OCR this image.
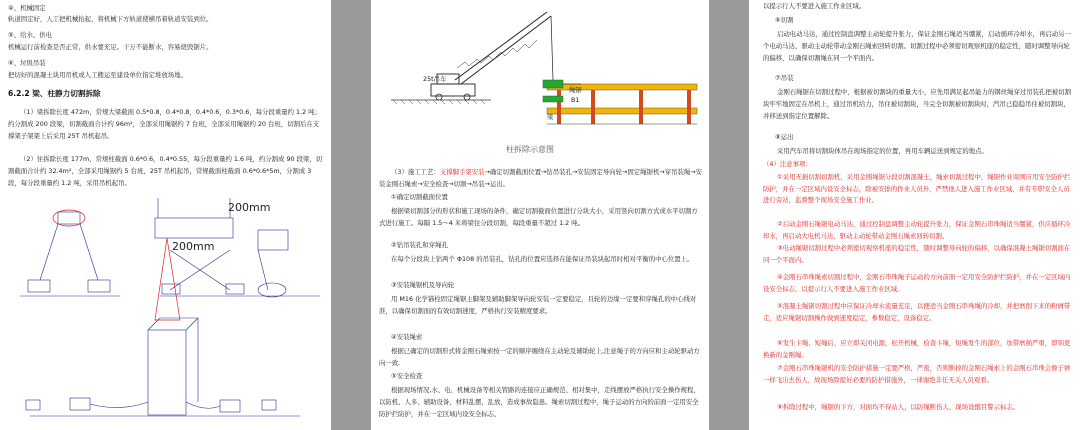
④、机械固定
轨道固定好，人工把机械抬起，将机械下方轨道使横吊着轨道安装到位。
⑤、给水、供电
机械运行前检查是否正常，供水要充足。干万不能断水，容易烧毁锯片。
⑥、垃圾吊装
把切好的混凝土块用吊机或人工搬运至建设单位指定堆放场地。
6.2.2 梁、柱静力切割拆除
（1）梁拆除长度 472m，常规大梁截面 0.5*0.8，0.4*0.8，0.4*0.6，0.3*0.6，每分段重量约 1.2 吨；约分割成 200 段梁，切割截面合计约 96m²，全部采用绳锯约 7 台班，全部采用绳锯约 20 台班，切割后在支撑架子架架上后采用 25T 吊机起吊。
（2）住拆除长度 177m，常规柱截面 0.6*0.6，0.4*0.55，每分段重量约 1.6 吨，约分割成 90 段梁，切割截面合计约 32.4m²，全部采用绳锯约 5 台班，25T 吊机起吊，常规截面柱截面 0.6*0.6*5m，分割成 3 段，每分段重量约 1.2 吨，采用吊机起吊。
200mm
200mm
25t吊车
绳锯
B1
梁
柱拆除示意图
（3）施工工艺：支撑脚手架安装→确定切割截面位置→钻吊装孔→安装固定导向轮→固定绳锯机→穿吊装绳→安装金刚石绳索→安全检查→切割→吊装→运出。
①确定切割截面位置
根据梁切割部分的形状和施工现场的条件，确定切割截面位置进行分块大小，采用竖向切割方式或水平切割方式进行施工。每隔 1.5～4 米将梁往分段切割，每段重量不超过 1.2 吨。
②钻吊装孔和穿绳孔
在每个分段块上钻两个 Φ108 的吊装孔，钻孔的位置应选择在能保证吊装块起吊时相对平衡的中心位置上。
③安装绳锯机及导向轮
用 M16 化学锚栓固定绳锯主脚架及辅助脚架导向轮安装一定要稳定，且轮的边缘一定要和穿绳孔的中心线对准，以确保切割面的有效切割速度，严格执行安装精度要求。
④安装绳索
根据已确定的切割形式将金刚石绳索按一定的顺序缠绕在主动轮及辅助轮上,注意绳子的方向应和主动轮驱动方向一致.
⑤安全检查
根据现场情况,水、电、机械设备等相关管路的连接应正确规范、相对集中，走线摆放严格执行安全操作规程，以防机、人多、辅助设备，材料乱摆，乱放，造成事故隐患。绳索切割过程中，绳子运动的方向的前面一定用安全防护拦防护，并在一定区域内设安全标志，
以提示行人不要进入施工作业区域。
⑥切割
启动电动马达，通过控制盘调整主动轮提升张力，保证金刚石绳适当绷紧，启动循环冷却水，再启动另一个电动马达，驱动主动轮带动金刚石绳索回转切割。切割过程中必须密切观察机座的稳定性，随时调整导向轮的偏移，以确保切割绳在同一个平面内。
⑦吊装
金刚石绳锯在切割过程中，根据被切割块的重量大小，应先用满足起吊能力的钢丝绳穿过吊装孔把被切割块牢牢地固定在吊机上，通过吊机给力，吊住被切割块，当完全切割被切割块时，汽吊已稳稳吊住被切割块，并移送到指定位置解除。
⑧运出
采用汽车吊将切割块体吊在现场指定的位置，再用车辆运送到规定的地点。
（4）注意事项：
①采用无损切割切割机，采用金刚绳锯分段切割混凝土，绳索切割过程中，绳锯作业周围应用安全防护拦防护，并在一定区域内设安全标志，除被安排的作业人员外，严禁他人进入施工作业区域，并有专职安全人员进行旁站，监督整个现场安全施工作业。
②启动金刚石绳锯电动马达，通过控制盘调整主动轮提升张力，保证金刚石串珠绳适当绷紧，供应循环冷却水，再启动大电机马达，驱动主动轮带动金刚石绳索回转切割。
③电动绳锯切割过程中必须密切观察机座的稳定性，随时调整导向轮的偏移，以确保混凝土绳锯切割面在同一个平面内。
④金刚石串珠绳索切割过程中，金刚石串珠绳子运动的方向前面一定用安全防护拦防护，并在一定区域内设安全标志，以提示行人不要进入施工作业区域。
⑤混凝土绳锯切割过程中应保证冷却水流量充足，以便适当金刚石串珠绳的冷却，并把磨削下来的粉屑带走，适应绳锯切割操作做到速度稳定，参数稳定，设备稳定。
⑥发生卡绳、短绳后，应立即关闭电源，松开机械，检查卡绳，短绳发生的部位，加带磨损严重，即刻更换新的金刚绳。
⑦金刚石串珠绳锯机的安全防护措施一定要严格，严密，否则断掉的金刚石绳索上的金刚石串珠会像子弹一样飞出去伤人，故现场除提好必要的防护措施外，一律谢绝非任无关人员观看。
⑧拆除过程中，绳锯的下方，对面均不得站人，以防绳断伤人，现场设醒目警示标志。
